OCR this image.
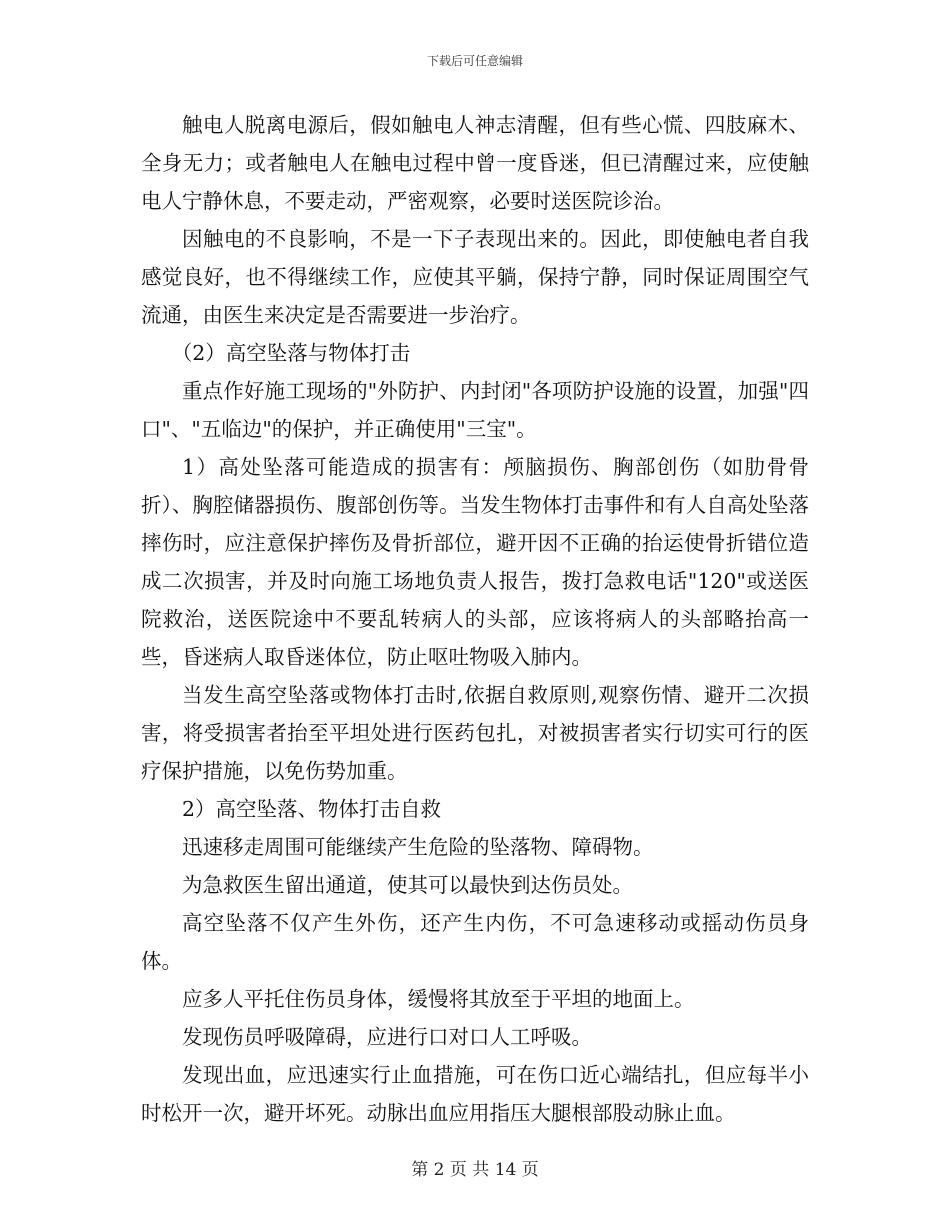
下载后可任意编辑

触电人脱离电源后，假如触电人神志清醒，但有些心慌、四肢麻木、全身无力；或者触电人在触电过程中曾一度昏迷，但已清醒过来，应使触电人宁静休息，不要走动，严密观察，必要时送医院诊治。

因触电的不良影响，不是一下子表现出来的。因此，即使触电者自我感觉良好，也不得继续工作，应使其平躺，保持宁静，同时保证周围空气流通，由医生来决定是否需要进一步治疗。

（2）高空坠落与物体打击

重点作好施工现场的"外防护、内封闭"各项防护设施的设置，加强"四口"、"五临边"的保护，并正确使用"三宝"。

1）高处坠落可能造成的损害有：颅脑损伤、胸部创伤（如肋骨骨折）、胸腔储器损伤、腹部创伤等。当发生物体打击事件和有人自高处坠落摔伤时，应注意保护摔伤及骨折部位，避开因不正确的抬运使骨折错位造成二次损害，并及时向施工场地负责人报告，拨打急救电话"120"或送医院救治，送医院途中不要乱转病人的头部，应该将病人的头部略抬高一些，昏迷病人取昏迷体位，防止呕吐物吸入肺内。

当发生高空坠落或物体打击时,依据自救原则,观察伤情、避开二次损害，将受损害者抬至平坦处进行医药包扎，对被损害者实行切实可行的医疗保护措施，以免伤势加重。

2）高空坠落、物体打击自救

迅速移走周围可能继续产生危险的坠落物、障碍物。

为急救医生留出通道，使其可以最快到达伤员处。

高空坠落不仅产生外伤，还产生内伤，不可急速移动或摇动伤员身体。

应多人平托住伤员身体，缓慢将其放至于平坦的地面上。

发现伤员呼吸障碍，应进行口对口人工呼吸。

发现出血，应迅速实行止血措施，可在伤口近心端结扎，但应每半小时松开一次，避开坏死。动脉出血应用指压大腿根部股动脉止血。

第 2 页 共 14 页
